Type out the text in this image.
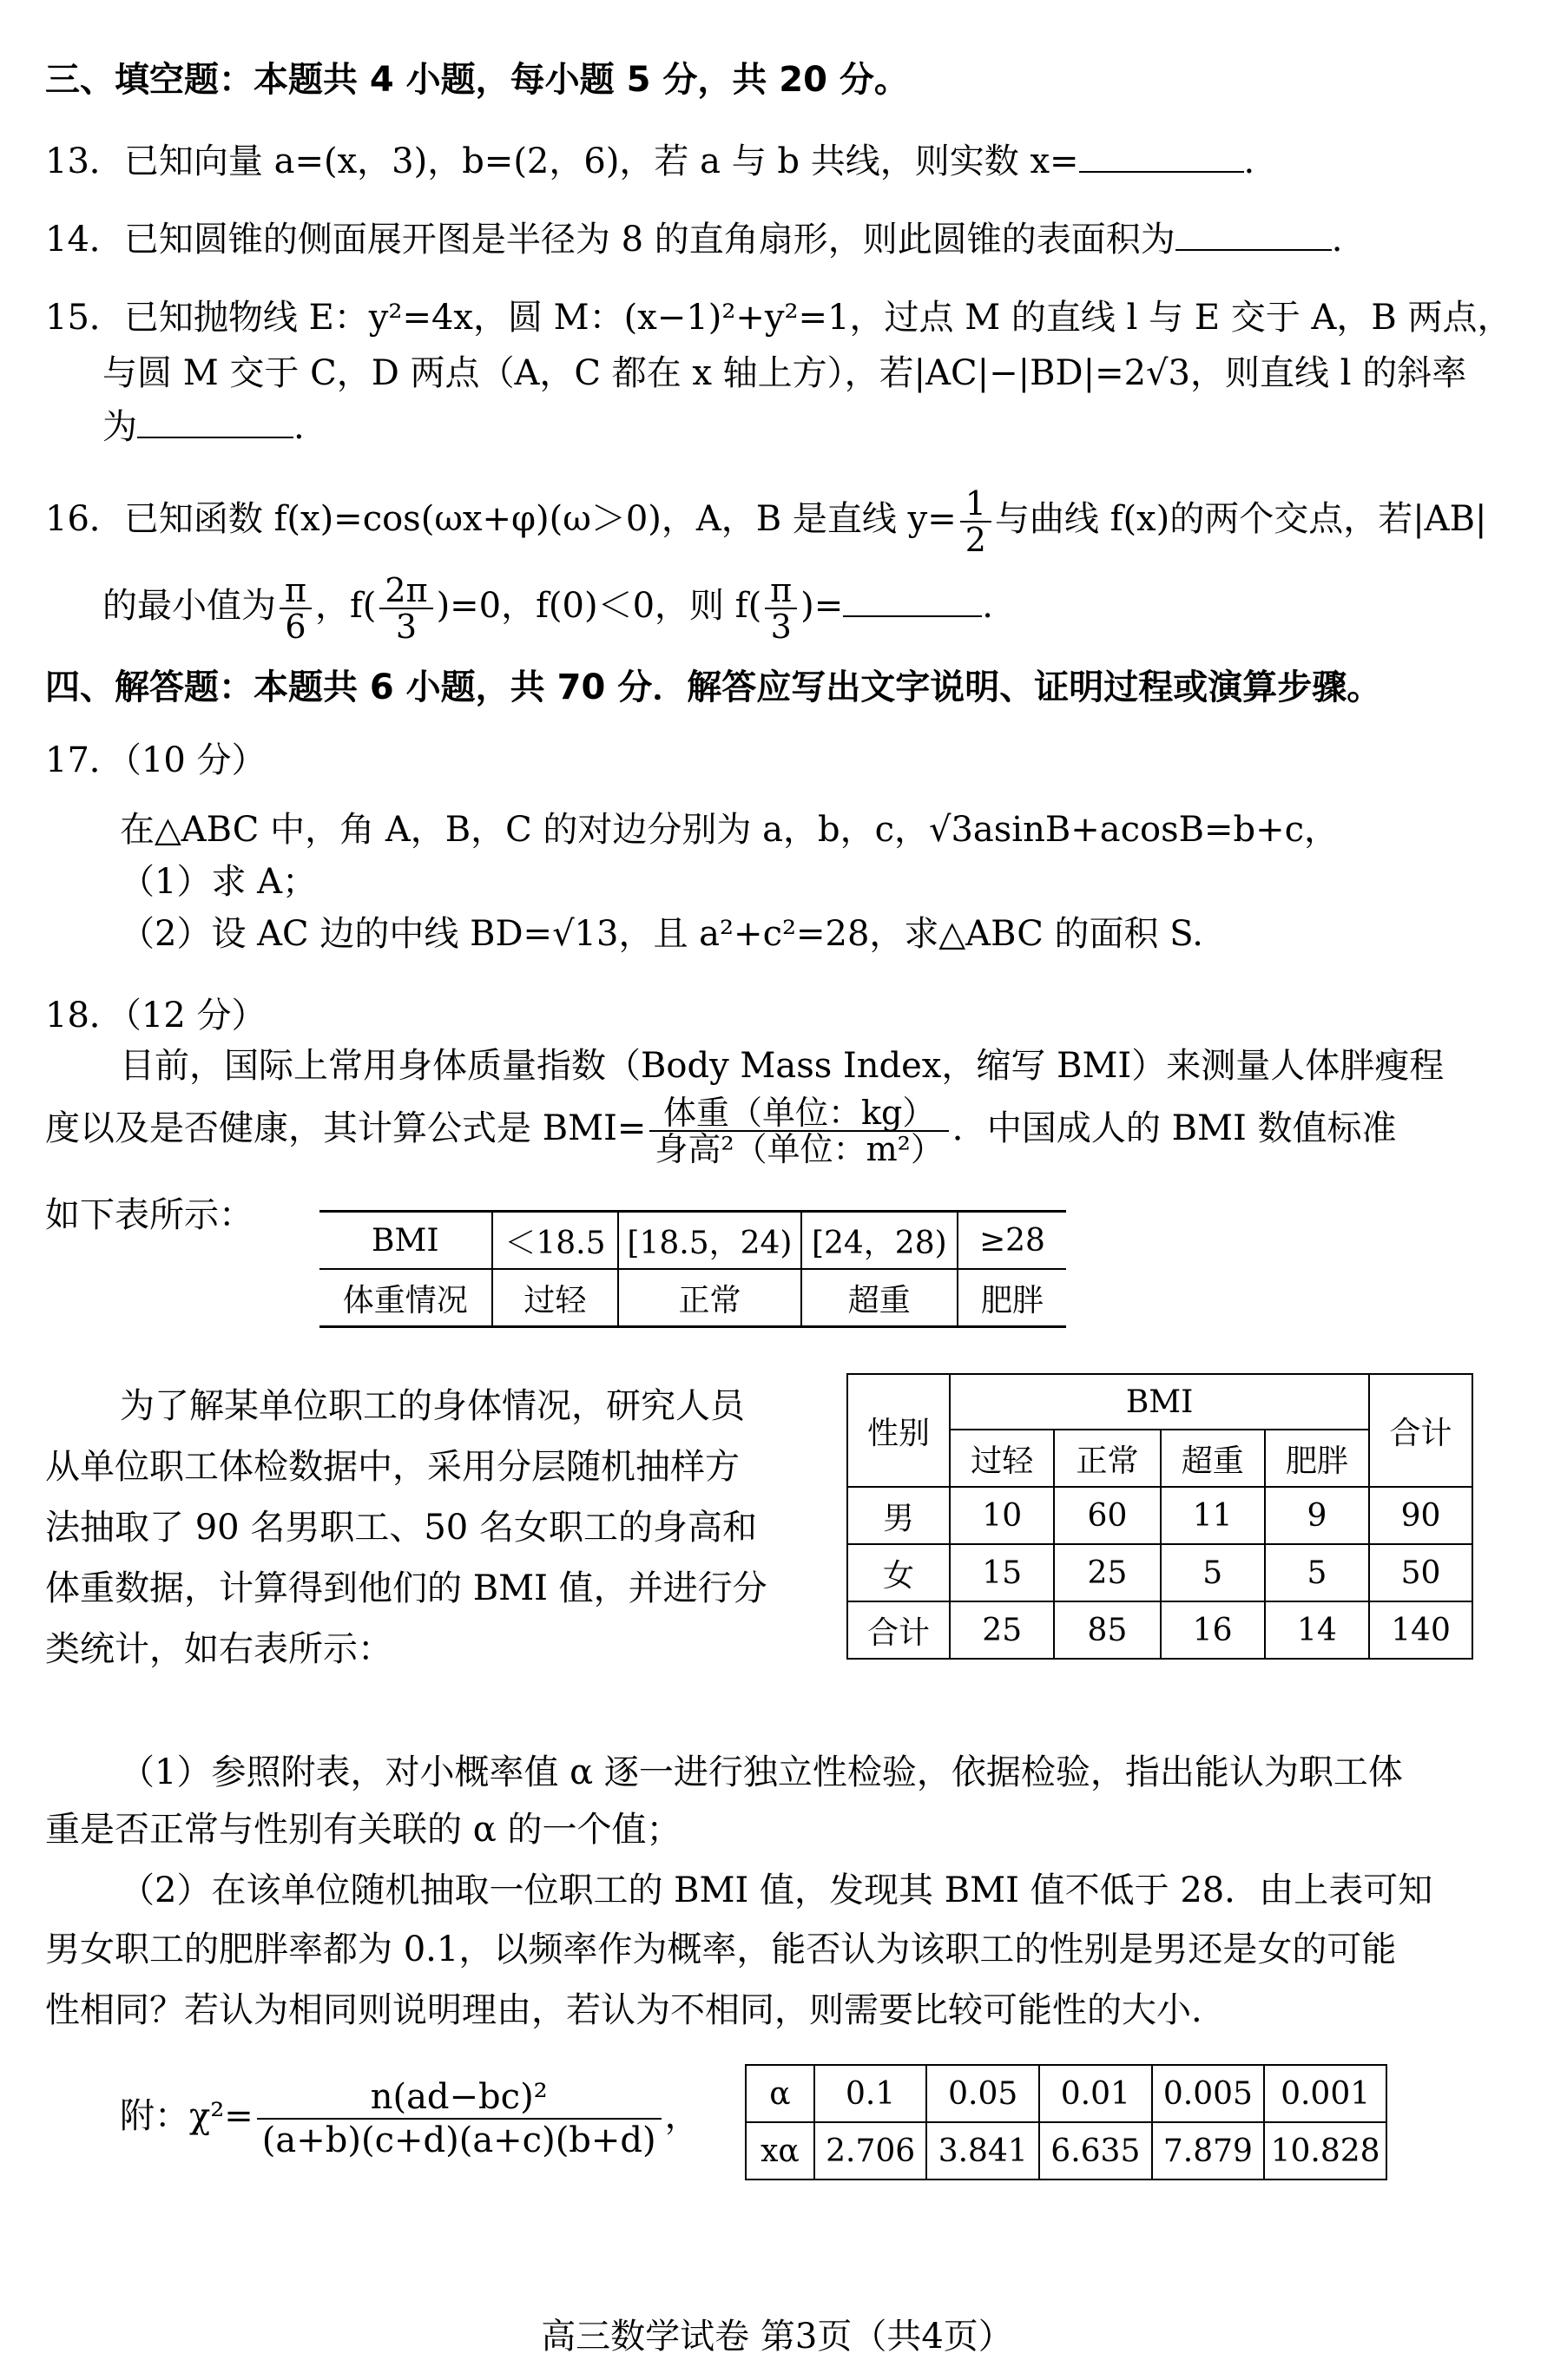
三、填空题：本题共 4 小题，每小题 5 分，共 20 分。
13．已知向量 a=(x，3)，b=(2，6)，若 a 与 b 共线，则实数 x=	.
14．已知圆锥的侧面展开图是半径为 8 的直角扇形，则此圆锥的表面积为	.
15．已知抛物线 E：y²=4x，圆 M：(x−1)²+y²=1，过点 M 的直线 l 与 E 交于 A，B 两点，
与圆 M 交于 C，D 两点（A，C 都在 x 轴上方），若|AC|−|BD|=2√3，则直线 l 的斜率
为	.
16．已知函数 f(x)=cos(ωx+φ)(ω＞0)，A，B 是直线 $y= \frac{1}{2}$ 与曲线 f(x)的两个交点，若|AB|
的最小值为 $\frac{\pi}{6}$ ，$f( \frac{2\pi}{3} )=0$，f(0)＜0，则 $f( \frac{\pi}{3}$ )=	.
四、解答题：本题共 6 小题，共 70 分．解答应写出文字说明、证明过程或演算步骤。
17．（10 分）
在△ABC 中，角 A，B，C 的对边分别为 a，b，c，√3asinB+acosB=b+c，
（1）求 A；
（2）设 AC 边的中线 BD=√13，且 a²+c²=28，求△ABC 的面积 S.
18．（12 分）
目前，国际上常用身体质量指数（Body Mass Index，缩写 BMI）来测量人体胖瘦程
度以及是否健康，其计算公式是 $BMI= \frac{\text{体重（单位：kg）}}{\text{身高²（单位：m²）}}$ ．中国成人的 BMI 数值标准
如下表所示：
BMI	＜18.5	[18.5，24)	[24，28)	≥28
体重情况	过轻	正常	超重	肥胖
为了解某单位职工的身体情况，研究人员
从单位职工体检数据中，采用分层随机抽样方
法抽取了 90 名男职工、50 名女职工的身高和
体重数据，计算得到他们的 BMI 值，并进行分
类统计，如右表所示：
性别	BMI				合计
	过轻	正常	超重	肥胖	
男	10	60	11	9	90
女	15	25	5	5	50
合计	25	85	16	14	140
（1）参照附表，对小概率值 α 逐一进行独立性检验，依据检验，指出能认为职工体
重是否正常与性别有关联的 α 的一个值；
（2）在该单位随机抽取一位职工的 BMI 值，发现其 BMI 值不低于 28．由上表可知
男女职工的肥胖率都为 0.1，以频率作为概率，能否认为该职工的性别是男还是女的可能
性相同？若认为相同则说明理由，若认为不相同，则需要比较可能性的大小.
附：$\chi^2= \frac{\text{n(ad−bc)²}}{(a+b)(c+d)(a+c)(b+d)}$ ，
α	0.1	0.05	0.01	0.005	0.001
xα	2.706	3.841	6.635	7.879	10.828
高三数学试卷 第3页（共4页）
